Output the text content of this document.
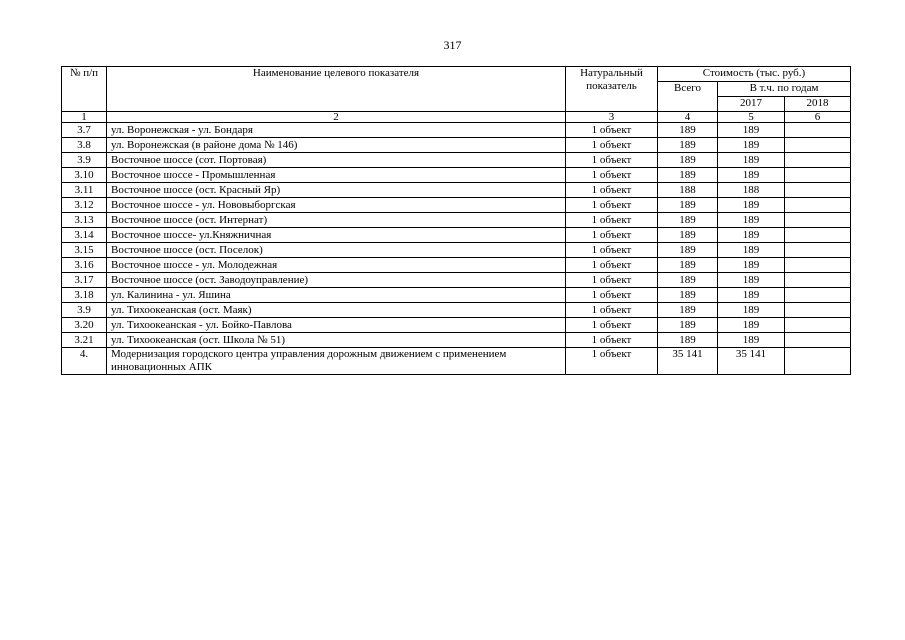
317
№ п/п	Наименование целевого показателя	Натуральный
показатель	Стоимость (тыс. руб.)		
			Всего	В т.ч. по годам	
				2017	2018
1	2	3	4	5	6
3.7	ул. Воронежская - ул. Бондаря	1 объект	189	189	
3.8	ул. Воронежская (в районе дома № 146)	1 объект	189	189	
3.9	Восточное шоссе (сот. Портовая)	1 объект	189	189	
3.10	Восточное шоссе - Промышленная	1 объект	189	189	
3.11	Восточное шоссе (ост. Красный Яр)	1 объект	188	188	
3.12	Восточное шоссе - ул. Нововыборгская	1 объект	189	189	
3.13	Восточное шоссе (ост. Интернат)	1 объект	189	189	
3.14	Восточное шоссе- ул.Княжничная	1 объект	189	189	
3.15	Восточное шоссе (ост. Поселок)	1 объект	189	189	
3.16	Восточное шоссе - ул. Молодежная	1 объект	189	189	
3.17	Восточное шоссе (ост. Заводоуправление)	1 объект	189	189	
3.18	ул. Калинина - ул. Яшина	1 объект	189	189	
3.9	ул. Тихоокеанская (ост. Маяк)	1 объект	189	189	
3.20	ул. Тихоокеанская - ул. Бойко-Павлова	1 объект	189	189	
3.21	ул. Тихоокеанская (ост. Школа № 51)	1 объект	189	189	
4.	Модернизация городского центра управления дорожным движением с применением инновационных АПК	1 объект	35 141	35 141	
